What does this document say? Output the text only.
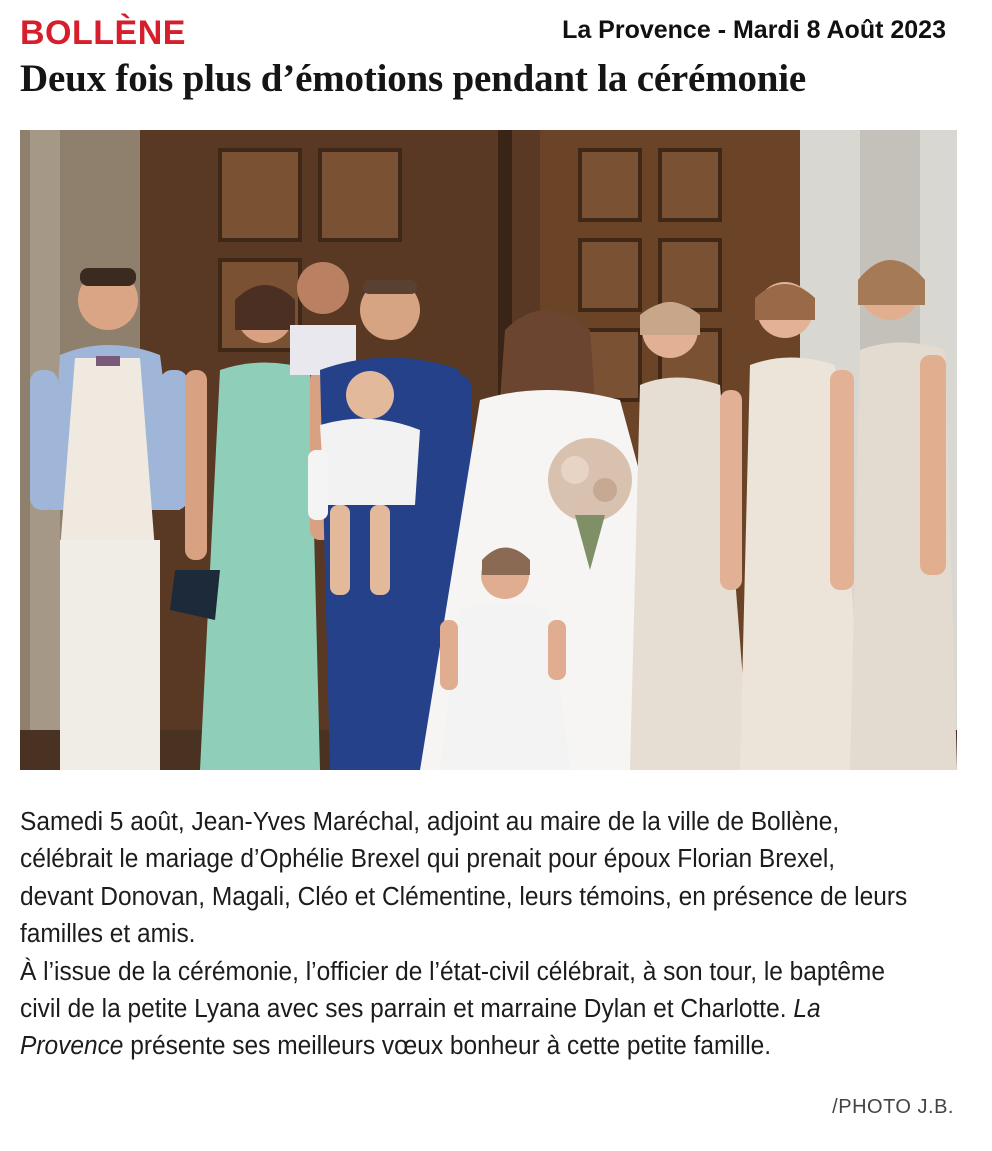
BOLLÈNE	La Provence - Mardi 8 Août 2023
Deux fois plus d’émotions pendant la cérémonie

Samedi 5 août, Jean-Yves Maréchal, adjoint au maire de la ville de Bollène, célébrait le mariage d’Ophélie Brexel qui prenait pour époux Florian Brexel, devant Donovan, Magali, Cléo et Clémentine, leurs témoins, en présence de leurs familles et amis.

À l’issue de la cérémonie, l’officier de l’état-civil célébrait, à son tour, le baptême civil de la petite Lyana avec ses parrain et marraine Dylan et Charlotte. La Provence présente ses meilleurs vœux bonheur à cette petite famille.

/PHOTO J.B.
